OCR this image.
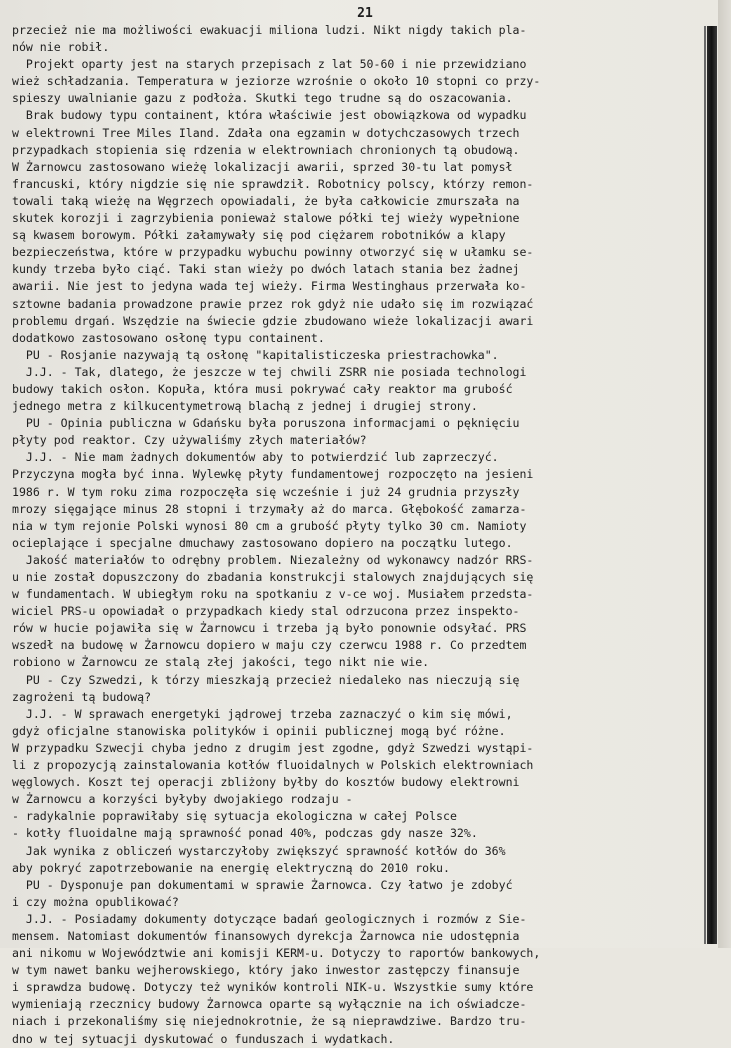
21
przecież nie ma możliwości ewakuacji miliona ludzi. Nikt nigdy takich pla-
nów nie robił.
Projekt oparty jest na starych przepisach z lat 50-60 i nie przewidziano
wież schładzania. Temperatura w jeziorze wzrośnie o około 10 stopni co przy-
spieszy uwalnianie gazu z podłoża. Skutki tego trudne są do oszacowania.
Brak budowy typu containent, która właściwie jest obowiązkowa od wypadku
w elektrowni Tree Miles Iland. Zdała ona egzamin w dotychczasowych trzech
przypadkach stopienia się rdzenia w elektrowniach chronionych tą obudową.
W Żarnowcu zastosowano wieżę lokalizacji awarii, sprzed 30-tu lat pomysł
francuski, który nigdzie się nie sprawdził. Robotnicy polscy, którzy remon-
towali taką wieżę na Węgrzech opowiadali, że była całkowicie zmurszała na
skutek korozji i zagrzybienia ponieważ stalowe półki tej wieży wypełnione
są kwasem borowym. Półki załamywały się pod ciężarem robotników a klapy
bezpieczeństwa, które w przypadku wybuchu powinny otworzyć się w ułamku se-
kundy trzeba było ciąć. Taki stan wieży po dwóch latach stania bez żadnej
awarii. Nie jest to jedyna wada tej wieży. Firma Westinghaus przerwała ko-
sztowne badania prowadzone prawie przez rok gdyż nie udało się im rozwiązać
problemu drgań. Wszędzie na świecie gdzie zbudowano wieże lokalizacji awari
dodatkowo zastosowano osłonę typu containent.
PU - Rosjanie nazywają tą osłonę "kapitalisticzeska priestrachowka".
J.J. - Tak, dlatego, że jeszcze w tej chwili ZSRR nie posiada technologi
budowy takich osłon. Kopuła, która musi pokrywać cały reaktor ma grubość
jednego metra z kilkucentymetrową blachą z jednej i drugiej strony.
PU - Opinia publiczna w Gdańsku była poruszona informacjami o pęknięciu
płyty pod reaktor. Czy używaliśmy złych materiałów?
J.J. - Nie mam żadnych dokumentów aby to potwierdzić lub zaprzeczyć.
Przyczyna mogła być inna. Wylewkę płyty fundamentowej rozpoczęto na jesieni
1986 r. W tym roku zima rozpoczęła się wcześnie i już 24 grudnia przyszły
mrozy sięgające minus 28 stopni i trzymały aż do marca. Głębokość zamarza-
nia w tym rejonie Polski wynosi 80 cm a grubość płyty tylko 30 cm. Namioty
ocieplające i specjalne dmuchawy zastosowano dopiero na początku lutego.
Jakość materiałów to odrębny problem. Niezależny od wykonawcy nadzór RRS-
u nie został dopuszczony do zbadania konstrukcji stalowych znajdujących się
w fundamentach. W ubiegłym roku na spotkaniu z v-ce woj. Musiałem przedsta-
wiciel PRS-u opowiadał o przypadkach kiedy stal odrzucona przez inspekto-
rów w hucie pojawiła się w Żarnowcu i trzeba ją było ponownie odsyłać. PRS
wszedł na budowę w Żarnowcu dopiero w maju czy czerwcu 1988 r. Co przedtem
robiono w Żarnowcu ze stalą złej jakości, tego nikt nie wie.
PU - Czy Szwedzi, k tórzy mieszkają przecież niedaleko nas nieczują się
zagrożeni tą budową?
J.J. - W sprawach energetyki jądrowej trzeba zaznaczyć o kim się mówi,
gdyż oficjalne stanowiska polityków i opinii publicznej mogą być różne.
W przypadku Szwecji chyba jedno z drugim jest zgodne, gdyż Szwedzi wystąpi-
li z propozycją zainstalowania kotłów fluoidalnych w Polskich elektrowniach
węglowych. Koszt tej operacji zbliżony byłby do kosztów budowy elektrowni
w Żarnowcu a korzyści byłyby dwojakiego rodzaju -
- radykalnie poprawiłaby się sytuacja ekologiczna w całej Polsce
- kotły fluoidalne mają sprawność ponad 40%, podczas gdy nasze 32%.
Jak wynika z obliczeń wystarczyłoby zwiększyć sprawność kotłów do 36%
aby pokryć zapotrzebowanie na energię elektryczną do 2010 roku.
PU - Dysponuje pan dokumentami w sprawie Żarnowca. Czy łatwo je zdobyć
i czy można opublikować?
J.J. - Posiadamy dokumenty dotyczące badań geologicznych i rozmów z Sie-
mensem. Natomiast dokumentów finansowych dyrekcja Żarnowca nie udostępnia
ani nikomu w Województwie ani komisji KERM-u. Dotyczy to raportów bankowych,
w tym nawet banku wejherowskiego, który jako inwestor zastępczy finansuje
i sprawdza budowę. Dotyczy też wyników kontroli NIK-u. Wszystkie sumy które
wymieniają rzecznicy budowy Żarnowca oparte są wyłącznie na ich oświadcze-
niach i przekonaliśmy się niejednokrotnie, że są nieprawdziwe. Bardzo tru-
dno w tej sytuacji dyskutować o funduszach i wydatkach.
